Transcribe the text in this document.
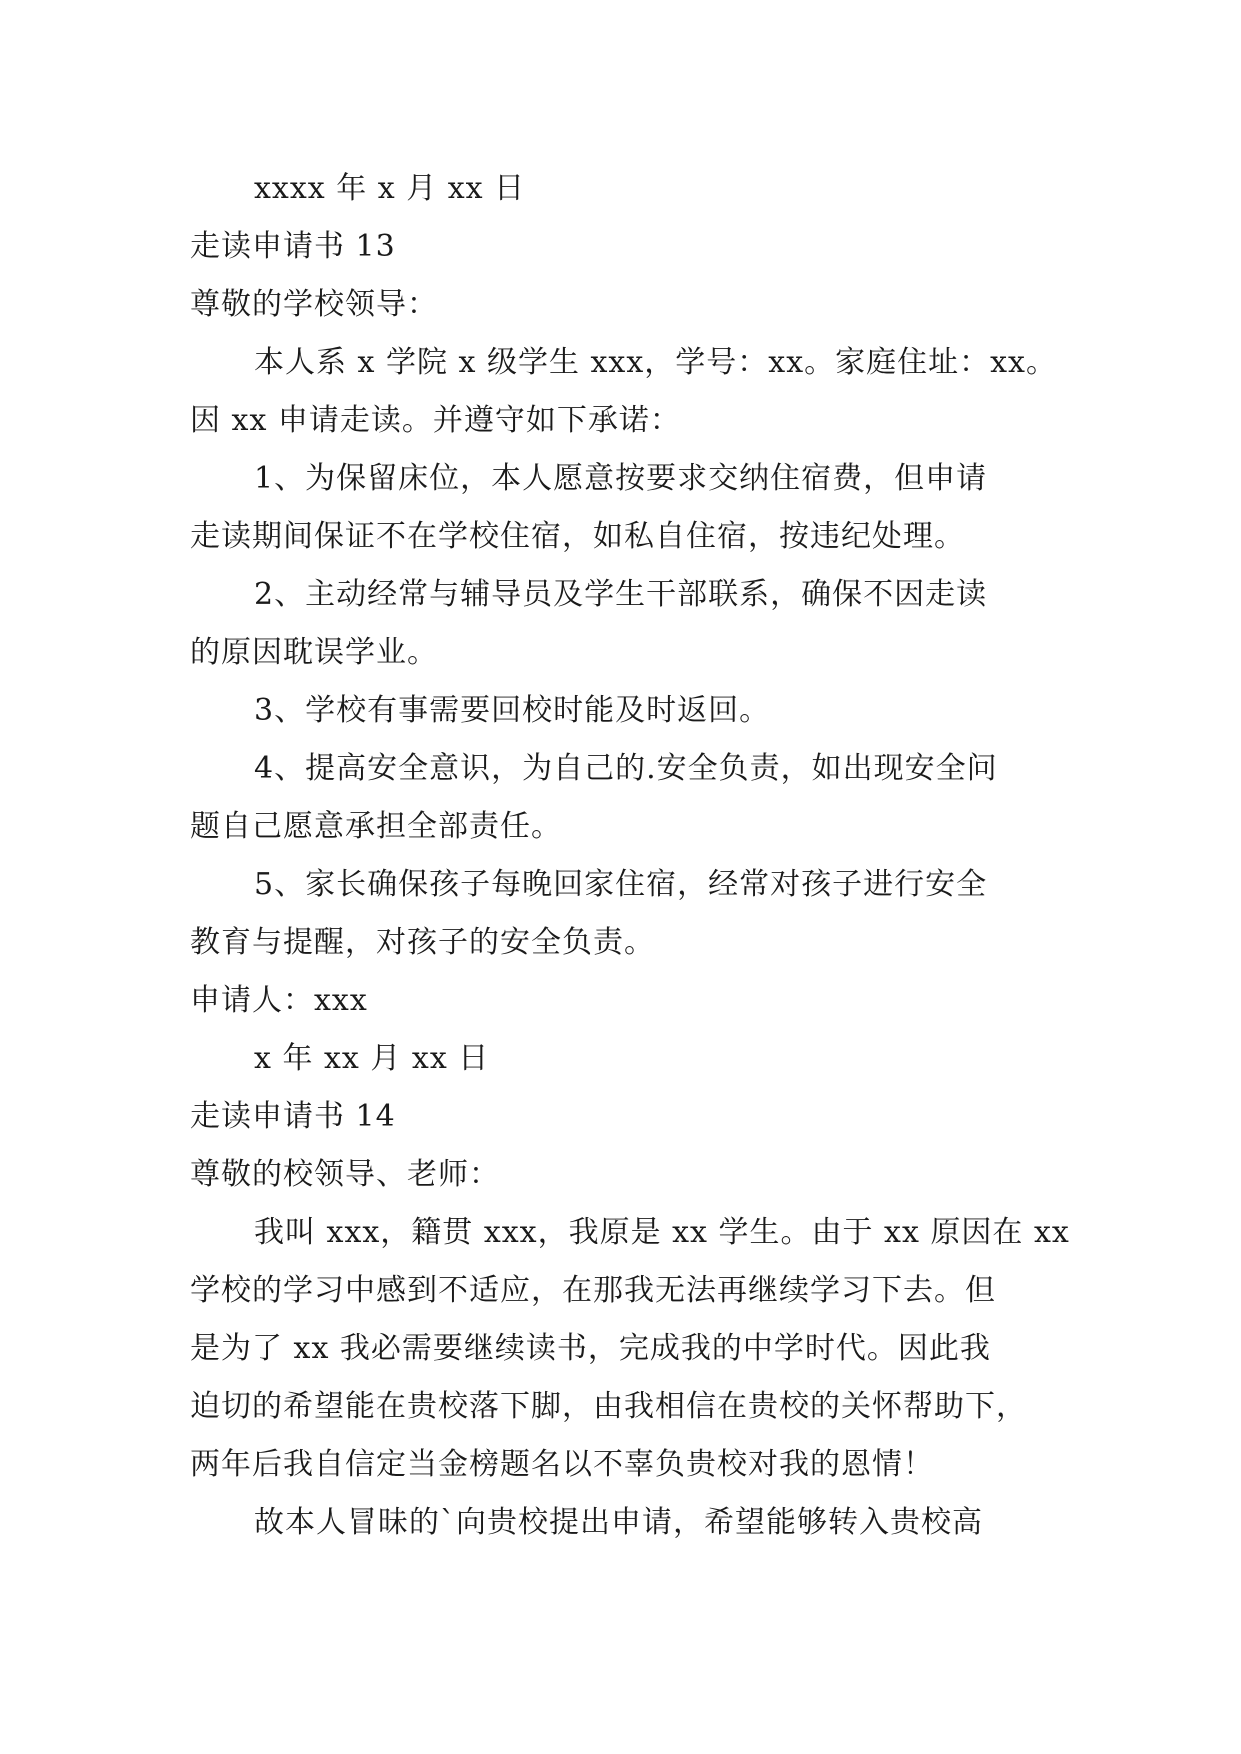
xxxx 年 x 月 xx 日
走读申请书 13
尊敬的学校领导：
本人系 x 学院 x 级学生 xxx，学号：xx。家庭住址：xx。
因 xx 申请走读。并遵守如下承诺：
1、为保留床位，本人愿意按要求交纳住宿费，但申请
走读期间保证不在学校住宿，如私自住宿，按违纪处理。
2、主动经常与辅导员及学生干部联系，确保不因走读
的原因耽误学业。
3、学校有事需要回校时能及时返回。
4、提高安全意识，为自己的.安全负责，如出现安全问
题自己愿意承担全部责任。
5、家长确保孩子每晚回家住宿，经常对孩子进行安全
教育与提醒，对孩子的安全负责。
申请人：xxx
x 年 xx 月 xx 日
走读申请书 14
尊敬的校领导、老师：
我叫 xxx，籍贯 xxx，我原是 xx 学生。由于 xx 原因在 xx
学校的学习中感到不适应，在那我无法再继续学习下去。但
是为了 xx 我必需要继续读书，完成我的中学时代。因此我
迫切的希望能在贵校落下脚，由我相信在贵校的关怀帮助下，
两年后我自信定当金榜题名以不辜负贵校对我的恩情！
故本人冒昧的`向贵校提出申请，希望能够转入贵校高
